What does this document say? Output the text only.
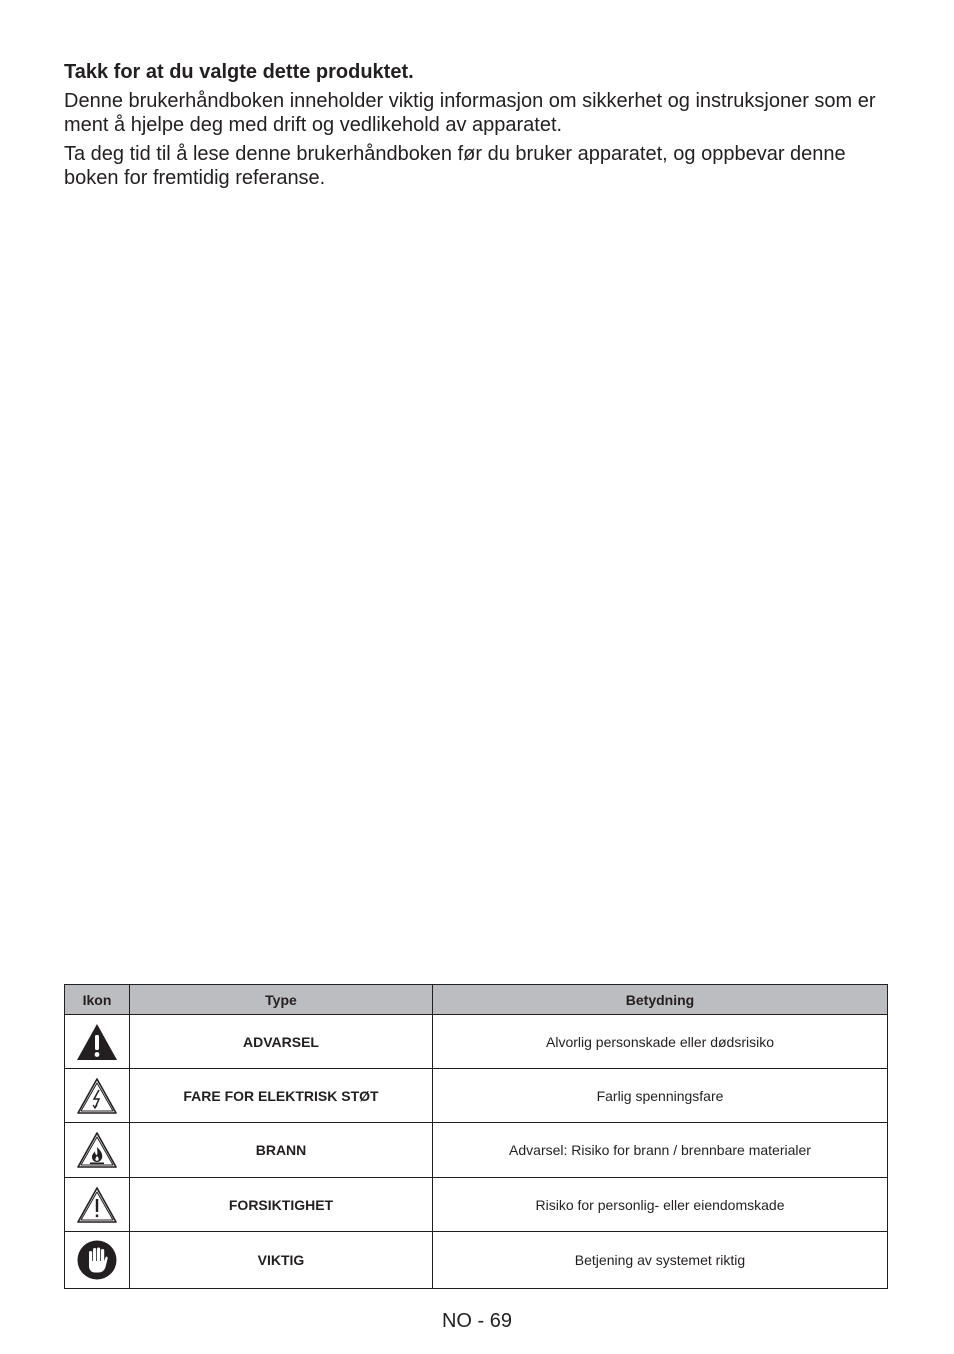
Takk for at du valgte dette produktet.

Denne brukerhåndboken inneholder viktig informasjon om sikkerhet og instruksjoner som er ment å hjelpe deg med drift og vedlikehold av apparatet.

Ta deg tid til å lese denne brukerhåndboken før du bruker apparatet, og oppbevar denne boken for fremtidig referanse.

Ikon	Type	Betydning

	ADVARSEL	Alvorlig personskade eller dødsrisiko

	FARE FOR ELEKTRISK STØT	Farlig spenningsfare

	BRANN	Advarsel: Risiko for brann / brennbare materialer

	FORSIKTIGHET	Risiko for personlig- eller eiendomskade

	VIKTIG	Betjening av systemet riktig
NO - 69
